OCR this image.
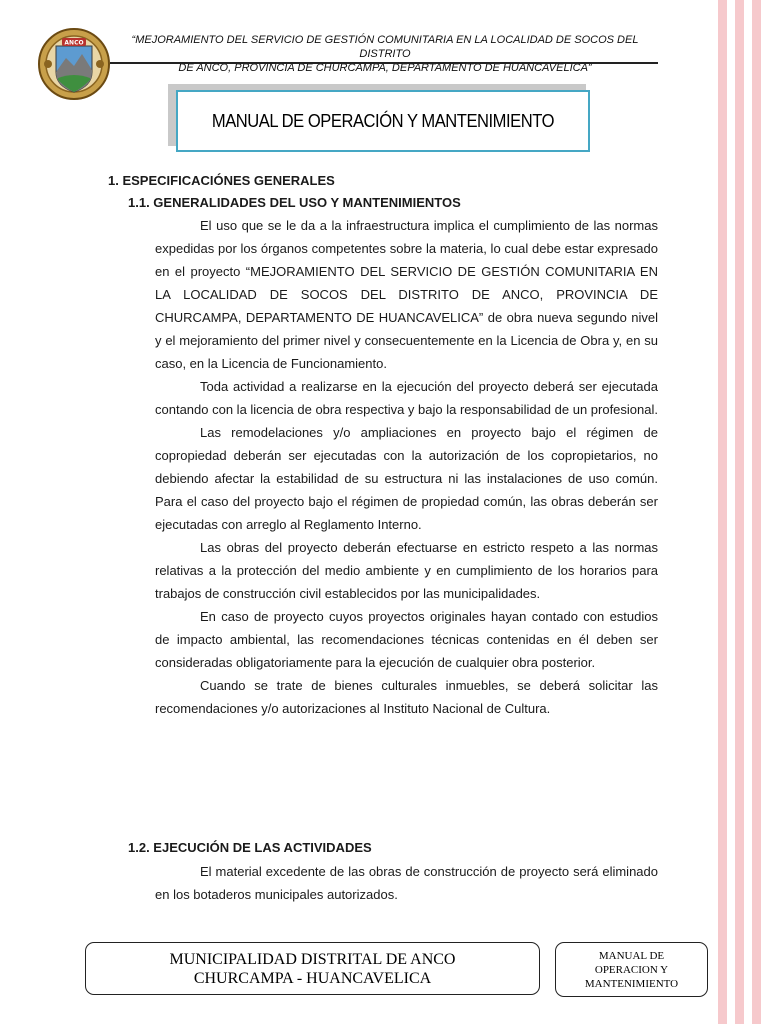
ANCO	“MEJORAMIENTO DEL SERVICIO DE GESTIÓN COMUNITARIA EN LA LOCALIDAD DE SOCOS DEL DISTRITO
DE ANCO, PROVINCIA DE CHURCAMPA, DEPARTAMENTO DE HUANCAVELICA”
MANUAL DE OPERACIÓN Y MANTENIMIENTO
1. ESPECIFICACIÓNES GENERALES
1.1. GENERALIDADES DEL USO Y MANTENIMIENTOS

El uso que se le da a la infraestructura implica el cumplimiento de las normas expedidas por los órganos competentes sobre la materia, lo cual debe estar expresado en el proyecto “MEJORAMIENTO DEL SERVICIO DE GESTIÓN COMUNITARIA EN LA LOCALIDAD DE SOCOS DEL DISTRITO DE ANCO, PROVINCIA DE CHURCAMPA, DEPARTAMENTO DE HUANCAVELICA” de obra nueva segundo nivel y el mejoramiento del primer nivel y consecuentemente en la Licencia de Obra y, en su caso, en la Licencia de Funcionamiento.

Toda actividad a realizarse en la ejecución del proyecto deberá ser ejecutada contando con la licencia de obra respectiva y bajo la responsabilidad de un profesional.

Las remodelaciones y/o ampliaciones en proyecto bajo el régimen de copropiedad deberán ser ejecutadas con la autorización de los copropietarios, no debiendo afectar la estabilidad de su estructura ni las instalaciones de uso común. Para el caso del proyecto bajo el régimen de propiedad común, las obras deberán ser ejecutadas con arreglo al Reglamento Interno.

Las obras del proyecto deberán efectuarse en estricto respeto a las normas relativas a la protección del medio ambiente y en cumplimiento de los horarios para trabajos de construcción civil establecidos por las municipalidades.

En caso de proyecto cuyos proyectos originales hayan contado con estudios de impacto ambiental, las recomendaciones técnicas contenidas en él deben ser consideradas obligatoriamente para la ejecución de cualquier obra posterior.

Cuando se trate de bienes culturales inmuebles, se deberá solicitar las recomendaciones y/o autorizaciones al Instituto Nacional de Cultura.

1.2. EJECUCIÓN DE LAS ACTIVIDADES

El material excedente de las obras de construcción de proyecto será eliminado en los botaderos municipales autorizados.

MUNICIPALIDAD DISTRITAL DE ANCO
CHURCAMPA - HUANCAVELICA
MANUAL DE
OPERACION Y
MANTENIMIENTO
